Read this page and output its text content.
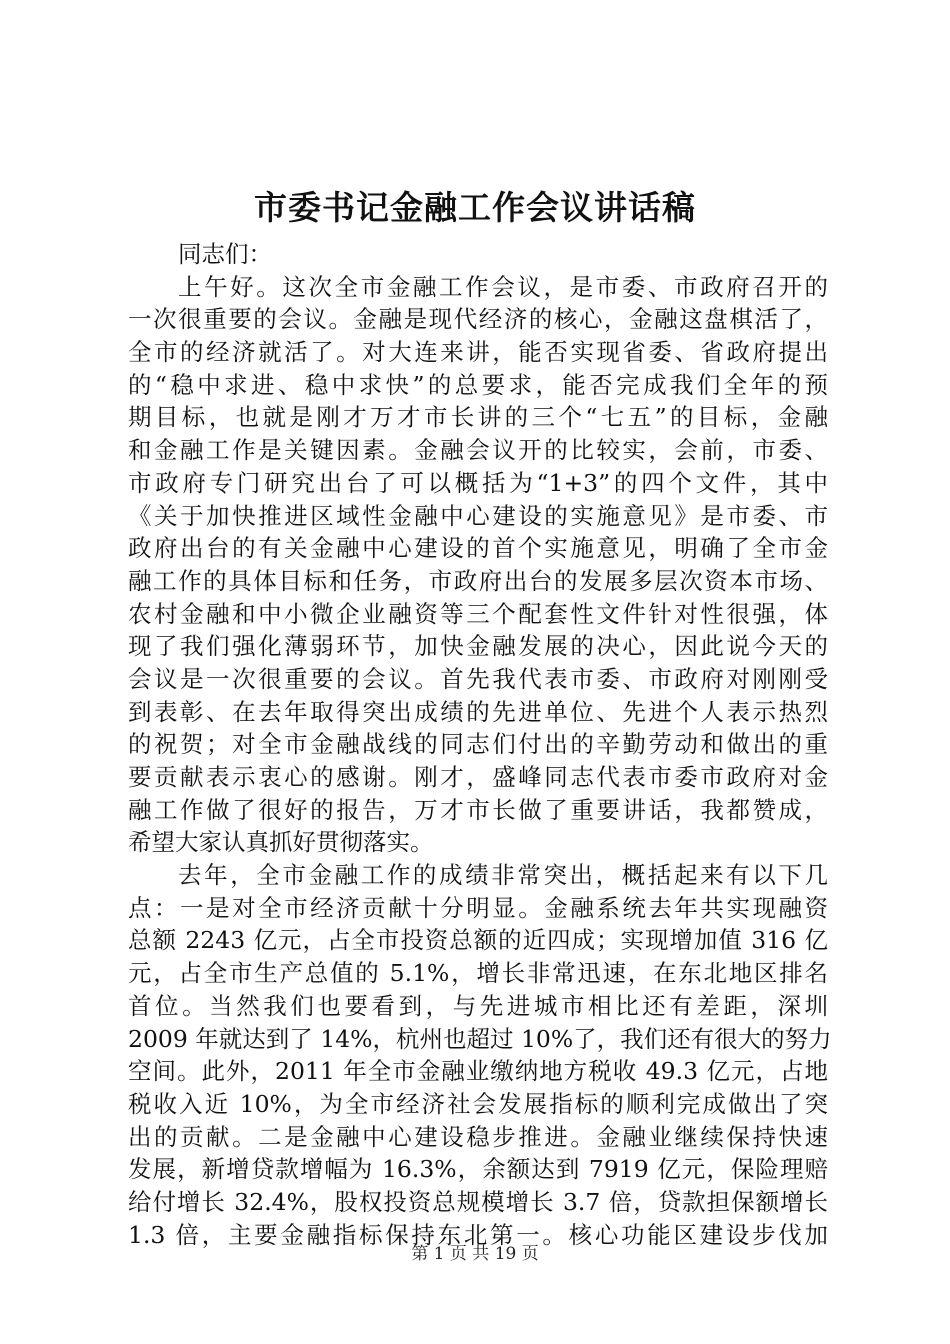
市委书记金融工作会议讲话稿
同志们：
上午好。这次全市金融工作会议，是市委、市政府召开的
一次很重要的会议。金融是现代经济的核心，金融这盘棋活了，
全市的经济就活了。对大连来讲，能否实现省委、省政府提出
的“稳中求进、稳中求快”的总要求，能否完成我们全年的预
期目标，也就是刚才万才市长讲的三个“七五”的目标，金融
和金融工作是关键因素。金融会议开的比较实，会前，市委、
市政府专门研究出台了可以概括为“1+3”的四个文件，其中
《关于加快推进区域性金融中心建设的实施意见》是市委、市
政府出台的有关金融中心建设的首个实施意见，明确了全市金
融工作的具体目标和任务，市政府出台的发展多层次资本市场、
农村金融和中小微企业融资等三个配套性文件针对性很强，体
现了我们强化薄弱环节，加快金融发展的决心，因此说今天的
会议是一次很重要的会议。首先我代表市委、市政府对刚刚受
到表彰、在去年取得突出成绩的先进单位、先进个人表示热烈
的祝贺；对全市金融战线的同志们付出的辛勤劳动和做出的重
要贡献表示衷心的感谢。刚才，盛峰同志代表市委市政府对金
融工作做了很好的报告，万才市长做了重要讲话，我都赞成，
希望大家认真抓好贯彻落实。
去年，全市金融工作的成绩非常突出，概括起来有以下几
点：一是对全市经济贡献十分明显。金融系统去年共实现融资
总额 2243 亿元，占全市投资总额的近四成；实现增加值 316 亿
元，占全市生产总值的 5.1%，增长非常迅速，在东北地区排名
首位。当然我们也要看到，与先进城市相比还有差距，深圳
2009 年就达到了 14%，杭州也超过 10%了，我们还有很大的努力
空间。此外，2011 年全市金融业缴纳地方税收 49.3 亿元，占地
税收入近 10%，为全市经济社会发展指标的顺利完成做出了突
出的贡献。二是金融中心建设稳步推进。金融业继续保持快速
发展，新增贷款增幅为 16.3%，余额达到 7919 亿元，保险理赔
给付增长 32.4%，股权投资总规模增长 3.7 倍，贷款担保额增长
1.3 倍，主要金融指标保持东北第一。核心功能区建设步伐加
第 1 页 共 19 页
